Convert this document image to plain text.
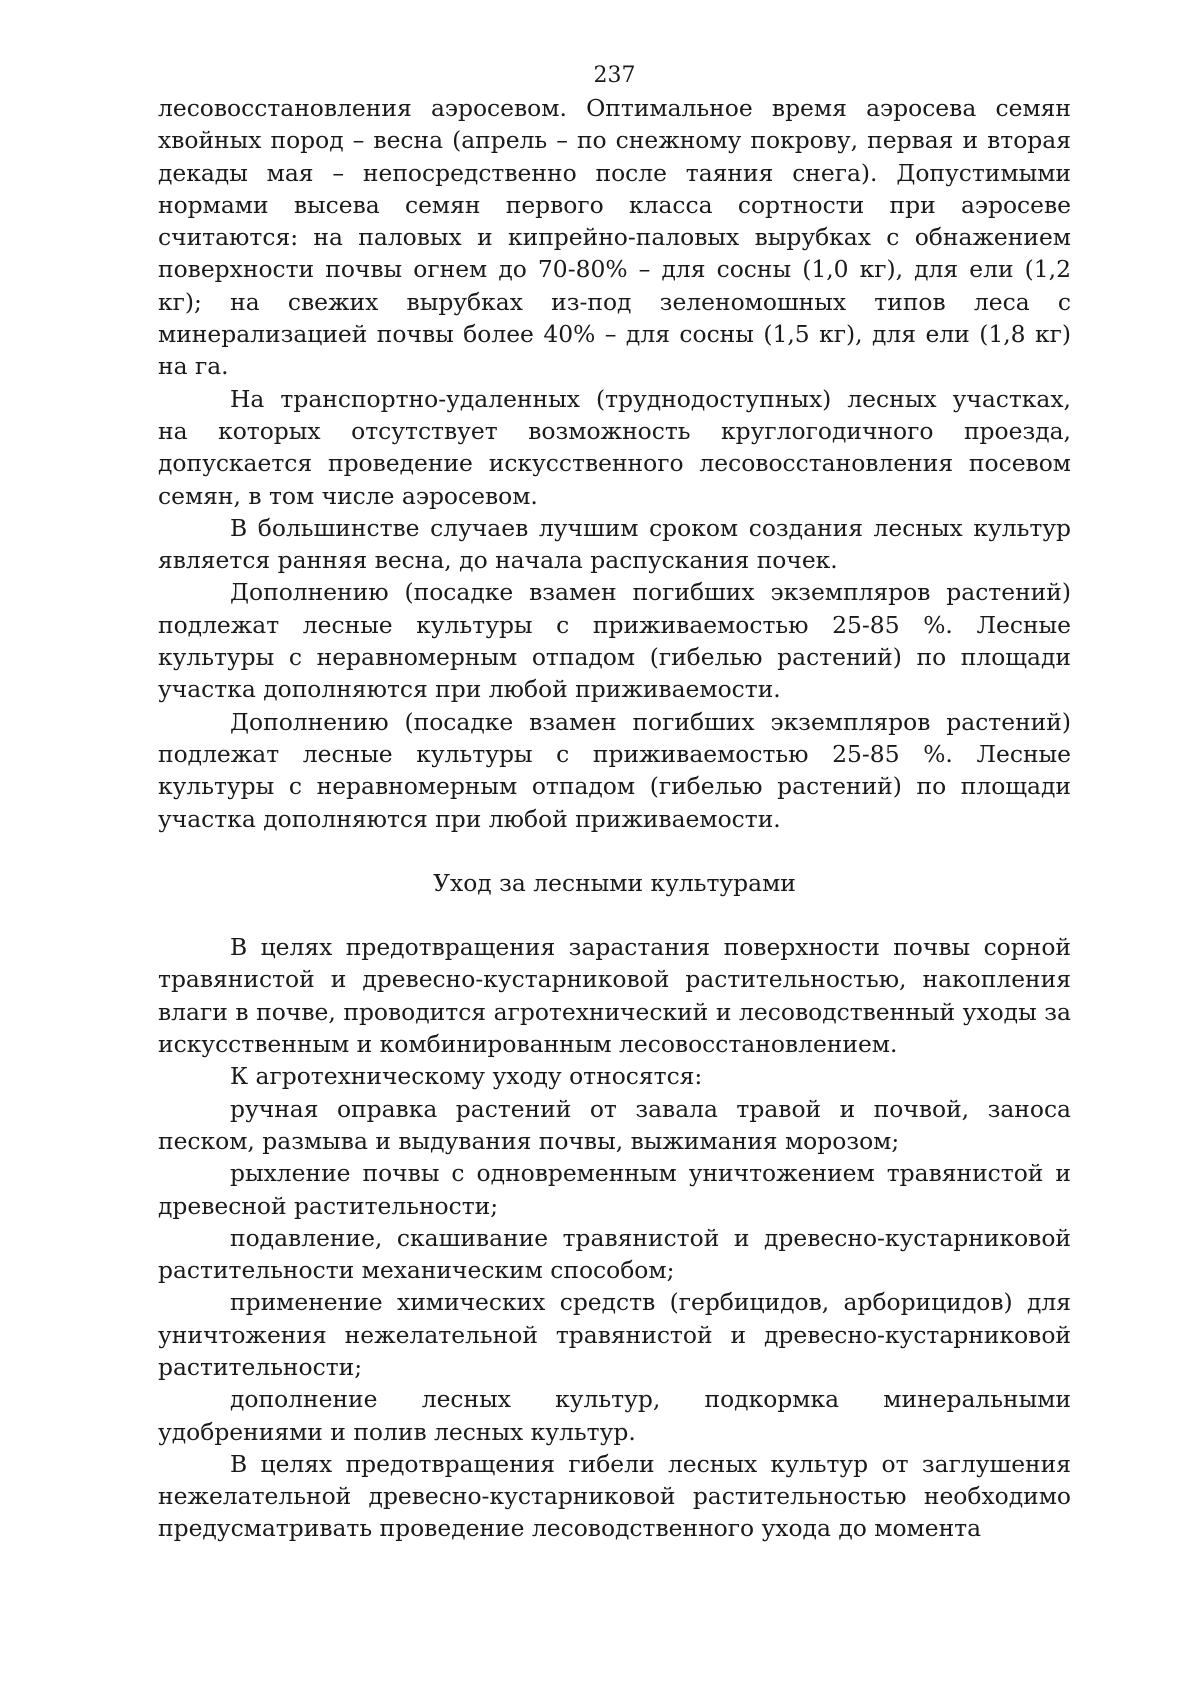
237

лесовосстановления аэросевом. Оптимальное время аэросева семян хвойных пород – весна (апрель – по снежному покрову, первая и вторая декады мая – непосредственно после таяния снега). Допустимыми нормами высева семян первого класса сортности при аэросеве считаются: на паловых и кипрейно-паловых вырубках с обнажением поверхности почвы огнем до 70-80% – для сосны (1,0 кг), для ели (1,2 кг); на свежих вырубках из-под зеленомошных типов леса с минерализацией почвы более 40% – для сосны (1,5 кг), для ели (1,8 кг) на га.

На транспортно-удаленных (труднодоступных) лесных участках, на которых отсутствует возможность круглогодичного проезда, допускается проведение искусственного лесовосстановления посевом семян, в том числе аэросевом.

В большинстве случаев лучшим сроком создания лесных культур является ранняя весна, до начала распускания почек.

Дополнению (посадке взамен погибших экземпляров растений) подлежат лесные культуры с приживаемостью 25-85 %. Лесные культуры с неравномерным отпадом (гибелью растений) по площади участка дополняются при любой приживаемости.

Дополнению (посадке взамен погибших экземпляров растений) подлежат лесные культуры с приживаемостью 25-85 %. Лесные культуры с неравномерным отпадом (гибелью растений) по площади участка дополняются при любой приживаемости.

Уход за лесными культурами

В целях предотвращения зарастания поверхности почвы сорной травянистой и древесно-кустарниковой растительностью, накопления влаги в почве, проводится агротехнический и лесоводственный уходы за искусственным и комбинированным лесовосстановлением.

К агротехническому уходу относятся:

ручная оправка растений от завала травой и почвой, заноса песком, размыва и выдувания почвы, выжимания морозом;

рыхление почвы с одновременным уничтожением травянистой и древесной растительности;

подавление, скашивание травянистой и древесно-кустарниковой растительности механическим способом;

применение химических средств (гербицидов, арборицидов) для уничтожения нежелательной травянистой и древесно-кустарниковой растительности;

дополнение лесных культур, подкормка минеральными удобрениями и полив лесных культур.

В целях предотвращения гибели лесных культур от заглушения нежелательной древесно-кустарниковой растительностью необходимо предусматривать проведение лесоводственного ухода до момента
